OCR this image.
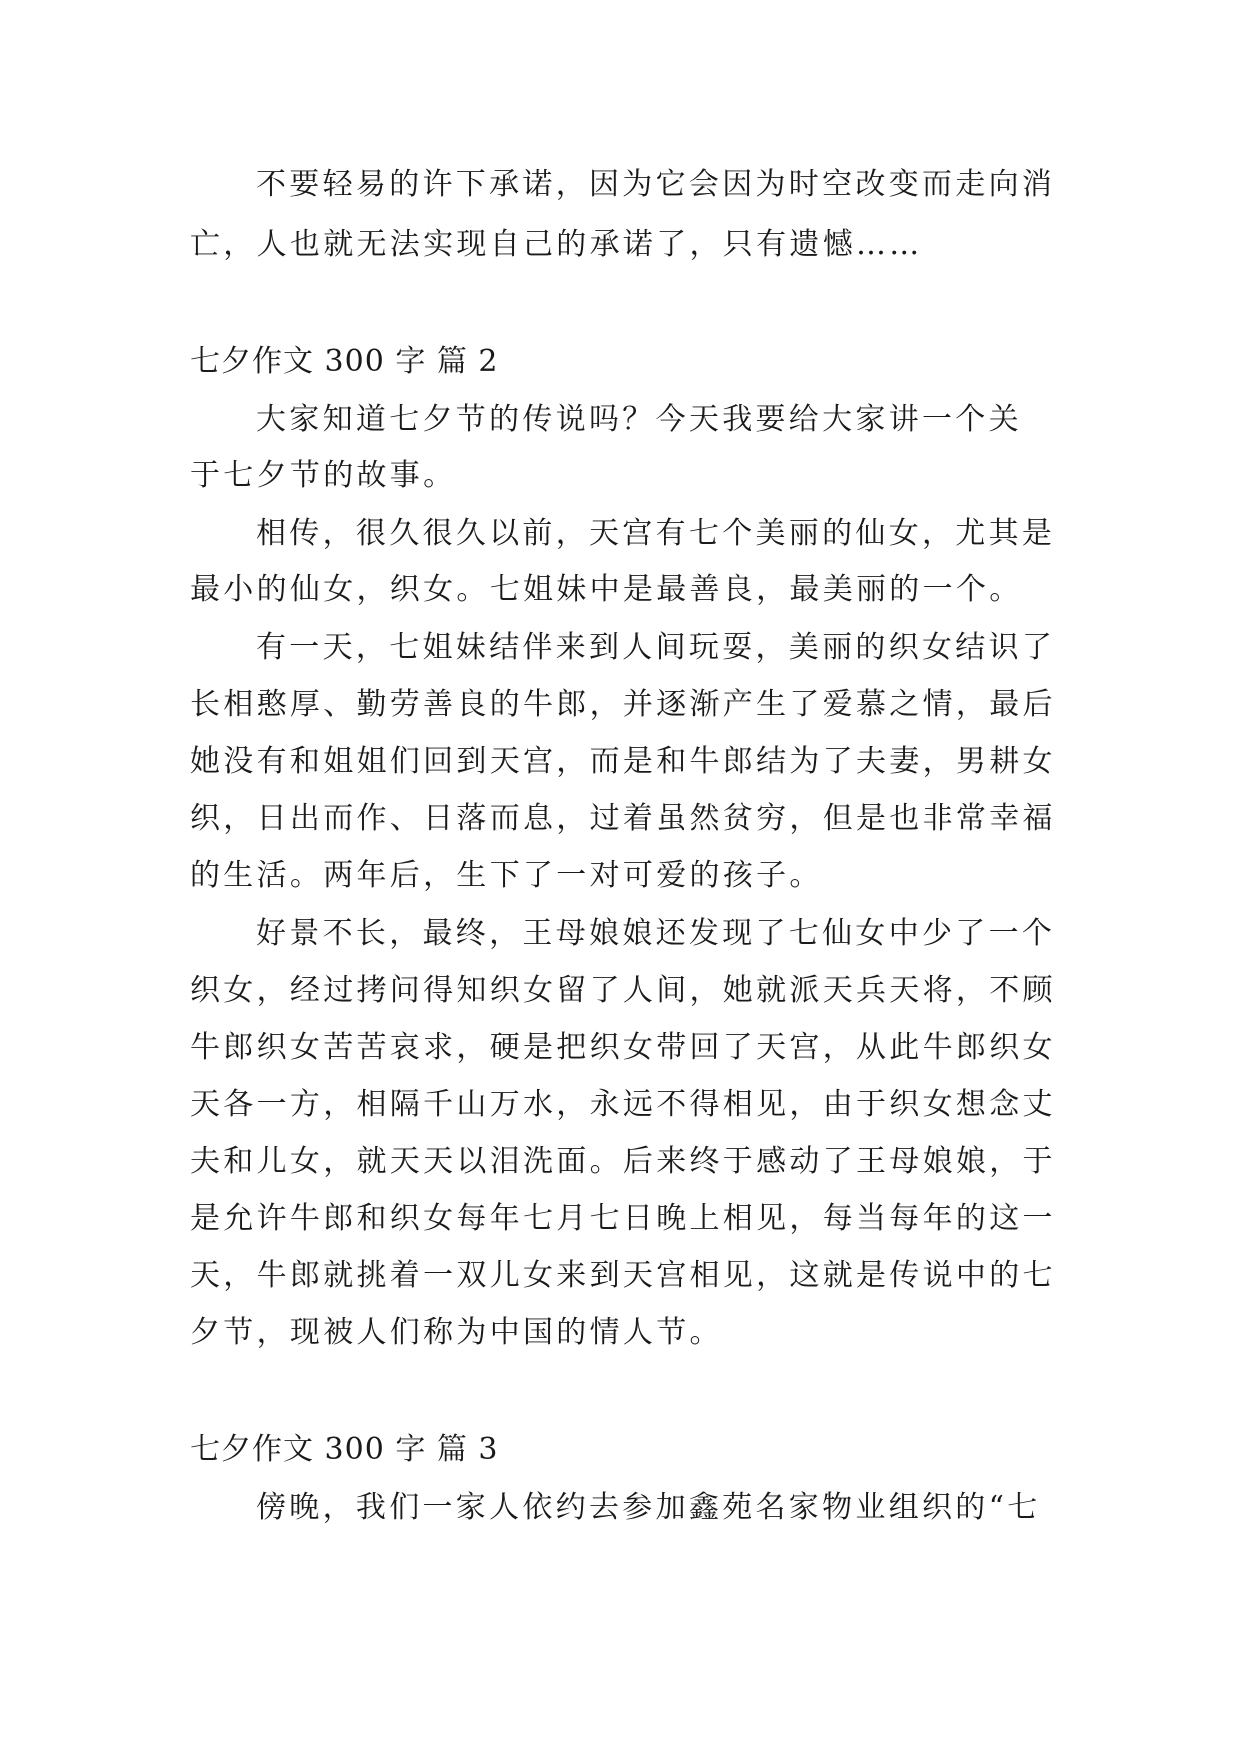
不要轻易的许下承诺，因为它会因为时空改变而走向消
亡，人也就无法实现自己的承诺了，只有遗憾……
七夕作文 300 字 篇 2
大家知道七夕节的传说吗？今天我要给大家讲一个关
于七夕节的故事。
相传，很久很久以前，天宫有七个美丽的仙女，尤其是
最小的仙女，织女。七姐妹中是最善良，最美丽的一个。
有一天，七姐妹结伴来到人间玩耍，美丽的织女结识了
长相憨厚、勤劳善良的牛郎，并逐渐产生了爱慕之情，最后
她没有和姐姐们回到天宫，而是和牛郎结为了夫妻，男耕女
织，日出而作、日落而息，过着虽然贫穷，但是也非常幸福
的生活。两年后，生下了一对可爱的孩子。
好景不长，最终，王母娘娘还发现了七仙女中少了一个
织女，经过拷问得知织女留了人间，她就派天兵天将，不顾
牛郎织女苦苦哀求，硬是把织女带回了天宫，从此牛郎织女
天各一方，相隔千山万水，永远不得相见，由于织女想念丈
夫和儿女，就天天以泪洗面。后来终于感动了王母娘娘，于
是允许牛郎和织女每年七月七日晚上相见，每当每年的这一
天，牛郎就挑着一双儿女来到天宫相见，这就是传说中的七
夕节，现被人们称为中国的情人节。
七夕作文 300 字 篇 3
傍晚，我们一家人依约去参加鑫苑名家物业组织的“七
